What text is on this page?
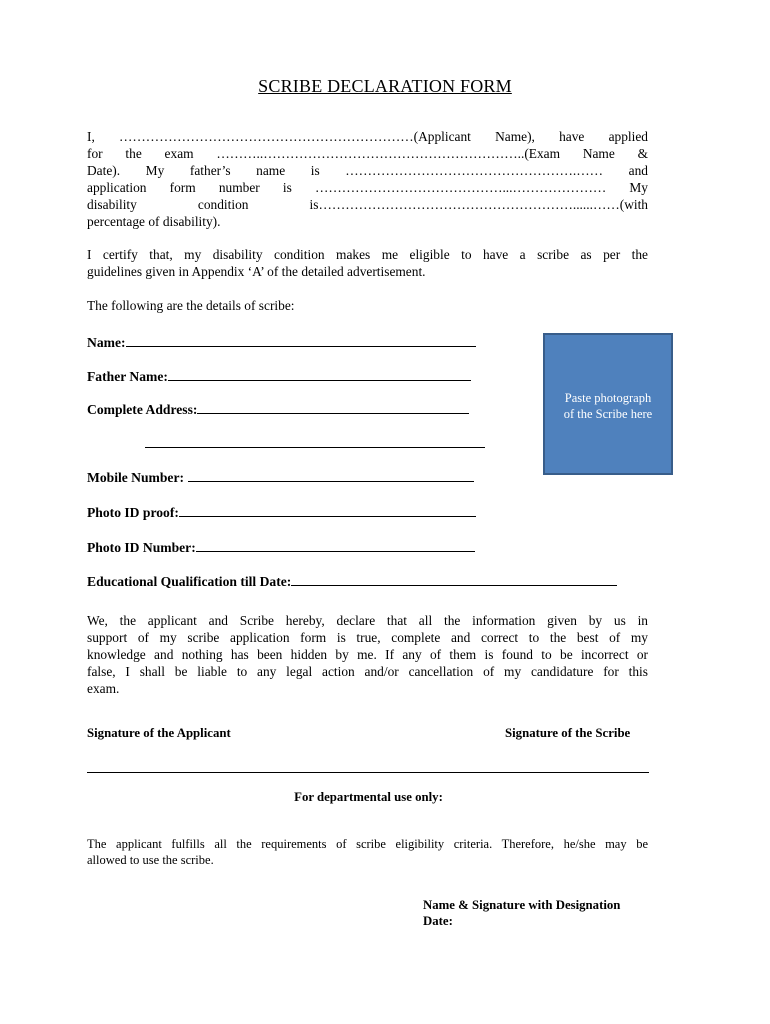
SCRIBE DECLARATION FORM
I, …………………………………………………………(Applicant Name), have applied
for the exam ………..…………………………………………………..(Exam Name &
Date). My father’s name is …………………………………………….…… and
application form number is ……………………………………...………………… My
disability condition is…………………………………………………......……(with
percentage of disability).
I certify that, my disability condition makes me eligible to have a scribe as per the
guidelines given in Appendix ‘A’ of the detailed advertisement.
The following are the details of scribe:
Name:
Father Name:
Complete Address:
Mobile Number:
Photo ID proof:
Photo ID Number:
Educational Qualification till Date:
Paste photograph
of the Scribe here
We, the applicant and Scribe hereby, declare that all the information given by us in
support of my scribe application form is true, complete and correct to the best of my
knowledge and nothing has been hidden by me. If any of them is found to be incorrect or
false, I shall be liable to any legal action and/or cancellation of my candidature for this
exam.
Signature of the Applicant	Signature of the Scribe
For departmental use only:
The applicant fulfills all the requirements of scribe eligibility criteria. Therefore, he/she may be
allowed to use the scribe.
Name & Signature with Designation
Date:
